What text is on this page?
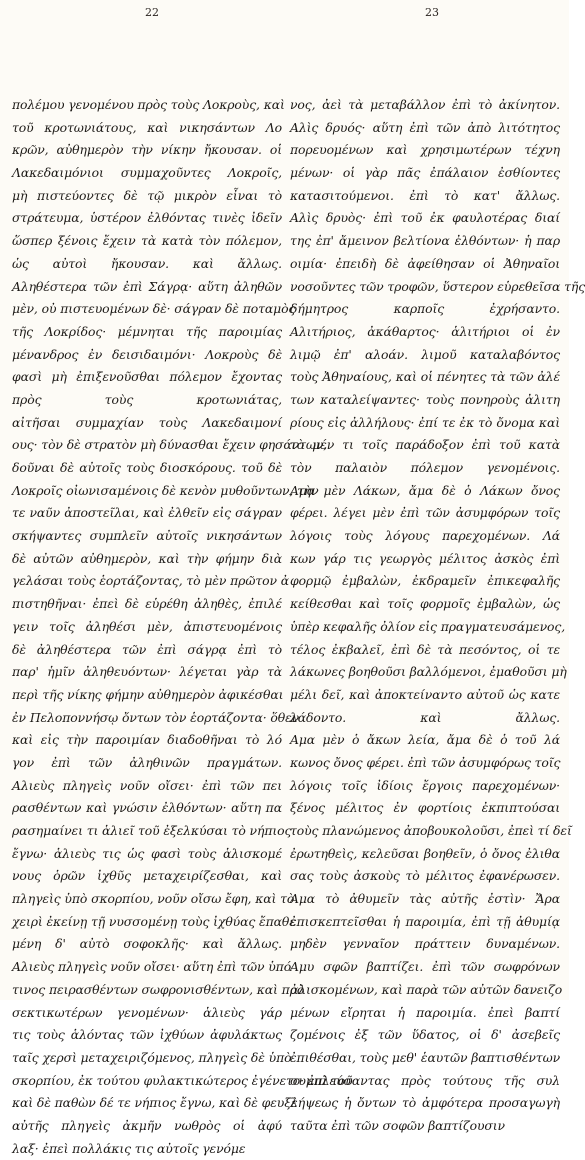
22	23
πολέμου γενομένου πρὸς τοὺς Λοκροὺς, καὶ
τοῦ κροτωνιάτους, καὶ νικησάντων Λο
κρῶν, αὐθημερὸν τὴν νίκην ἤκουσαν. οἱ
Λακεδαιμόνιοι συμμαχοῦντες Λοκροῖς,
μὴ πιστεύοντες δὲ τῷ μικρὸν εἶναι τὸ
στράτευμα, ὑστέρον ἐλθόντας τινὲς ἰδεῖν
ὥσπερ ξένοις ἔχειν τὰ κατὰ τὸν πόλεμον,
ὡς αὐτοὶ ἤκουσαν. καὶ ἄλλως.
Αληθέστερα τῶν ἐπὶ Σάγρᾳ· αὕτη ἀληθῶν
μὲν, οὐ πιστευομένων δὲ· σάγραν δὲ ποταμὸς
τῆς Λοκρίδος· μέμνηται τῆς παροιμίας
μένανδρος ἐν δεισιδαιμόνι· Λοκροὺς δὲ
φασὶ μὴ ἐπιξενοῦσθαι πόλεμον ἔχοντας
πρὸς τοὺς κροτωνιάτας,
αἰτῆσαι συμμαχίαν τοὺς Λακεδαιμονί
ους· τὸν δὲ στρατὸν μὴ δύνασθαι ἔχειν φησάντων,
δοῦναι δὲ αὐτοῖς τοὺς διοσκόρους. τοῦ δὲ
Λοκροῖς οἰωνισαμένοις δὲ κενὸν μυθοῦντων, τὴν
τε ναῦν ἀποστεῖλαι, καὶ ἐλθεῖν εἰς σάγραν
σκήψαντες συμπλεῖν αὐτοῖς νικησάντων
δὲ αὐτῶν αὐθημερὸν, καὶ τὴν φήμην διὰ
γελάσαι τοὺς ἑορτάζοντας, τὸ μὲν πρῶτον ἀ
πιστηθῆναι· ἐπεὶ δὲ εὑρέθη ἀληθὲς, ἐπιλέ
γειν τοῖς ἀληθέσι μὲν, ἀπιστευομένοις
δὲ ἀληθέστερα τῶν ἐπὶ σάγρᾳ ἐπὶ τὸ
παρ' ἡμῖν ἀληθευόντων· λέγεται γὰρ τὰ
περὶ τῆς νίκης φήμην αὐθημερὸν ἀφικέσθαι
ἐν Πελοποννήσῳ ὄντων τὸν ἑορτάζοντα· ὅθεν
καὶ εἰς τὴν παροιμίαν διαδοθῆναι τὸ λό
γον ἐπὶ τῶν ἀληθινῶν πραγμάτων.
Αλιεὺς πληγεὶς νοῦν οἴσει· ἐπὶ τῶν πει
ρασθέντων καὶ γνώσιν ἐλθόντων· αὕτη πα
ρασημαίνει τι ἁλιεῖ τοῦ ἐξελκύσαι τὸ νήπιος
ἔγνω· ἁλιεὺς τις ὡς φασὶ τοὺς ἁλισκομέ
νους ὁρῶν ἰχθῦς μεταχειρίζεσθαι, καὶ
πληγεὶς ὑπὸ σκορπίου, νοῦν οἴσω ἔφη, καὶ τὸ
χειρὶ ἐκείνῃ τῇ νυσσομένῃ τοὺς ἰχθύας ἔπαθε
μένη δ' αὐτὸ σοφοκλῆς· καὶ ἄλλως.
Αλιεὺς πληγεὶς νοῦν οἴσει· αὕτη ἐπὶ τῶν ὑπό
τινος πειρασθέντων σωφρονισθέντων, καὶ πρὸ
σεκτικωτέρων γενομένων· ἁλιεὺς γάρ
τις τοὺς ἁλόντας τῶν ἰχθύων ἀφυλάκτως
ταῖς χερσὶ μεταχειριζόμενος, πληγεὶς δὲ ὑπὸ
σκορπίου, ἐκ τούτου φυλακτικώτερος ἐγένετο· ἐπὶ τοῦ
καὶ δὲ παθὼν δέ τε νήπιος ἔγνω, καὶ δὲ φευξὲ
αὐτῆς πληγεὶς ἀκμῆν νωθρὸς οἱ ἀφύ
λαξ· ἐπεὶ πολλάκις τις αὐτοῖς γενόμε
νος, ἀεὶ τὰ μεταβάλλον ἐπὶ τὸ ἀκίνητον.
Αλὶς δρυός· αὕτη ἐπὶ τῶν ἀπὸ λιτότητος
πορευομένων καὶ χρησιμωτέρων τέχνη
μένων· οἱ γὰρ πᾶς ἐπάλαιον ἐσθίοντες
κατασιτούμενοι. ἐπὶ τὸ κατ' ἄλλως.
Αλὶς δρυὸς· ἐπὶ τοῦ ἐκ φαυλοτέρας διαί
της ἐπ' ἄμεινον βελτίονα ἐλθόντων· ἡ παρ
οιμία· ἐπειδὴ δὲ ἀφείθησαν οἱ Ἀθηναῖοι
νοσοῦντες τῶν τροφῶν, ὕστερον εὑρεθεῖσα τῆς
δήμητρος καρποῖς ἐχρήσαντο.
Αλιτήριος, ἀκάθαρτος· ἁλιτήριοι οἱ ἐν
λιμῷ ἐπ' αλοάν. λιμοῦ καταλαβόντος
τοὺς Ἀθηναίους, καὶ οἱ πένητες τὰ τῶν ἀλέ
των καταλείψαντες· τοὺς πονηροὺς ἀλιτη
ρίους εἰς ἀλλήλους· ἐπί τε ἐκ τὸ ὄνομα καὶ
τὸ μέν τι τοῖς παράδοξον ἐπὶ τοῦ κατὰ
τὸν παλαιὸν πόλεμον γενομένοις.
Αμα μὲν Λάκων, ἄμα δὲ ὁ Λάκων ὄνος
φέρει. λέγει μὲν ἐπὶ τῶν ἀσυμφόρων τοῖς
λόγοις τοὺς λόγους παρεχομένων. Λά
κων γάρ τις γεωργὸς μέλιτος ἀσκὸς ἐπὶ
φορμῷ ἐμβαλὼν, ἐκδραμεῖν ἐπικεφαλῆς
κείθεσθαι καὶ τοῖς φορμοῖς ἐμβαλὼν, ὡς
ὑπὲρ κεφαλῆς ὀλίον εἰς πραγματευσάμενος,
τέλος ἐκβαλεῖ, ἐπὶ δὲ τὰ πεσόντος, οἱ τε
λάκωνες βοηθοῦσι βαλλόμενοι, ἐμαθοῦσι μὴ
μέλι δεῖ, καὶ ἀποκτείναντο αὐτοῦ ὡς κατε
λάδοντο. καὶ ἄλλως.
Αμα μὲν ὁ ἄκων λεία, ἄμα δὲ ὁ τοῦ λά
κωνος ὄνος φέρει. ἐπὶ τῶν ἀσυμφόρως τοῖς
λόγοις τοῖς ἰδίοις ἔργοις παρεχομένων·
ξένος μέλιτος ἐν φορτίοις ἐκπιπτούσαι
τοὺς πλανώμενος ἀποβουκολοῦσι, ἐπεὶ τί δεῖ
ἐρωτηθεὶς, κελεῦσαι βοηθεῖν, ὁ ὄνος ἐλιθα
σας τοὺς ἀσκοὺς τὸ μέλιτος ἐφανέρωσεν.
Αμα τὸ ἀθυμεῖν τὰς αὐτῆς ἐστὶν· Ἄρα
ἐπισκεπτεῖσθαι ἡ παροιμία, ἐπὶ τῇ ἀθυμίᾳ
μηδὲν γενναῖον πράττειν δυναμένων.
Αμυ σφῶν βαπτίζει. ἐπὶ τῶν σωφρόνων
ἀλισκομένων, καὶ παρὰ τῶν αὐτῶν δανειζο
μένων εἴρηται ἡ παροιμία. ἐπεὶ βαπτί
ζομένοις ἐξ τῶν ὕδατος, οἱ δ' ἀσεβεῖς
ἐπιθέσθαι, τοὺς μεθ' ἑαυτῶν βαπτισθέντων
συμπλεύσαντας πρὸς τούτους τῆς συλ
λήψεως ἡ ὄντων τὸ ἀμφότερα προσαγωγὴ
ταῦτα ἐπὶ τῶν σοφῶν βαπτίζουσιν
